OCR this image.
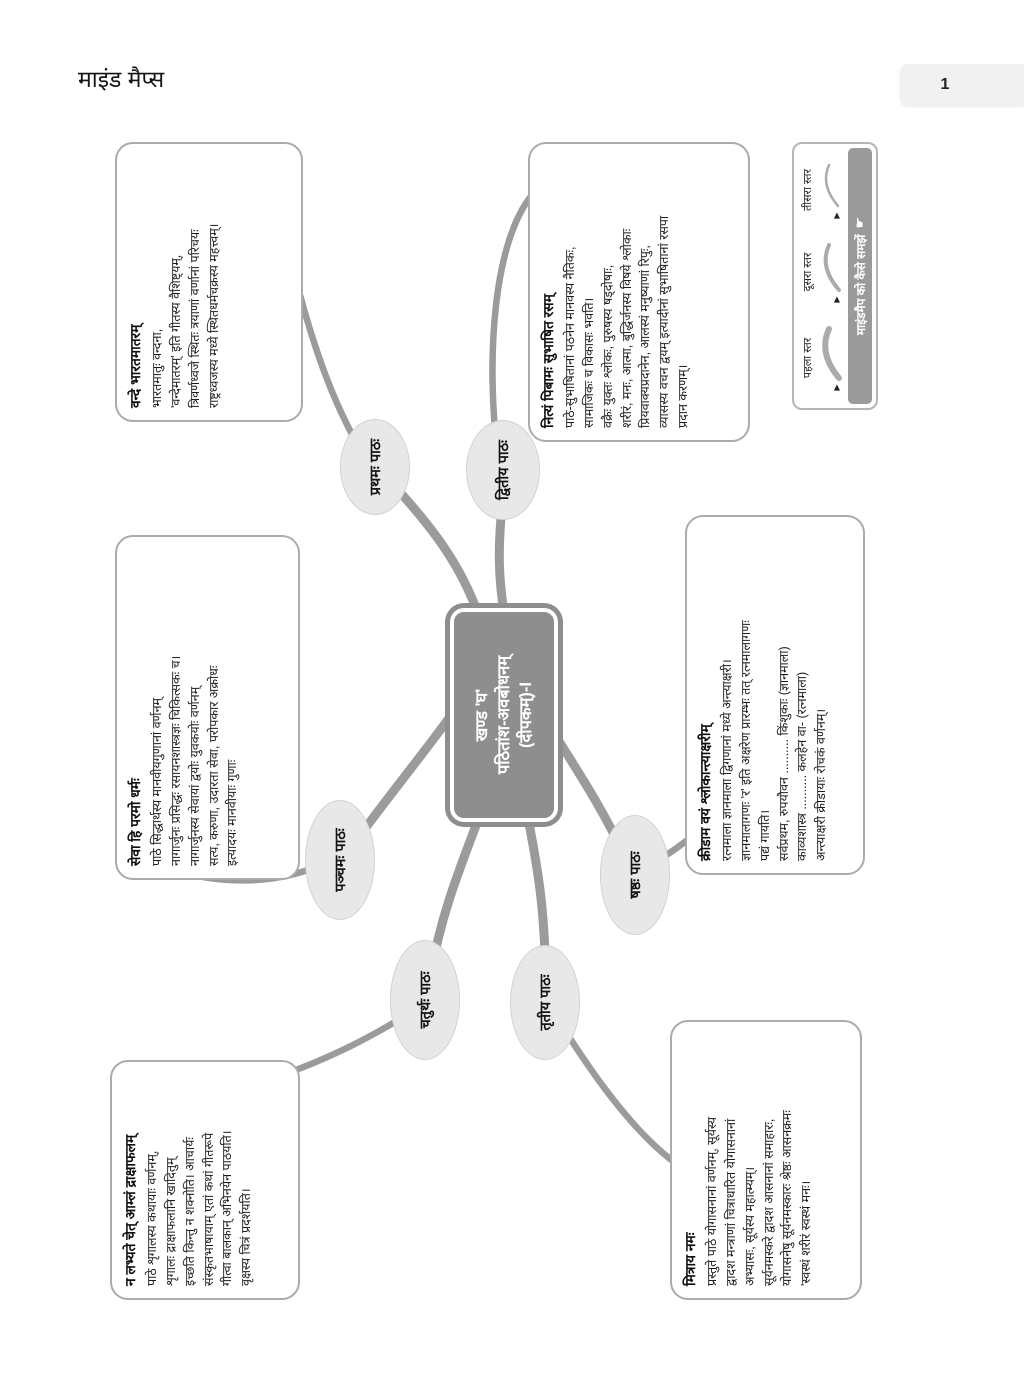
माइंड मैप्स	1
खण्ड 'घ' पठितांश-अवबोधनम् (दीपकम्)-I
प्रथमः पाठः	द्वितीय पाठः
तृतीय पाठः
चतुर्थः पाठः
पञ्चमः पाठः	षष्ठः पाठः
वन्दे भारतमातरम् भारतमातुः वन्दना, 'वन्देमातरम्' इति गीतस्य वैशिष्ट्यम्, त्रिवर्णध्वजे स्थितः त्रयाणां वर्णानां परिचयः राष्ट्रध्वजस्य मध्ये स्थितधर्मचक्रस्य महत्त्वम्।	नित्यं पिबामः सुभाषित रसम् पाठे-सुभाषितानां पठनेन मानवस्य नैतिकः, सामाजिकः च विकासः भवति। वक्रैः युक्तः श्लोकः, पुरुषस्य षड्दोषाः, शरीरं, मनः, आत्मा, बुद्धिर्जनस्य विषये श्लोकाः प्रियवाक्यप्रदानेन, आलस्यं मनुष्याणां रिपुः, व्यासस्य वचन द्वयम् इत्यादीनां सुभाषितानां रसपा प्रदान करणम्।
मित्राय नमः प्रस्तुते पाठे योगासनानां वर्णनम्, सूर्यस्य द्वादश मन्त्राणां चित्राधारित योगासनानां अभ्यासः, सूर्यस्य महात्म्यम्। सूर्यनमस्करे द्वादश आसनानां समाहारः, योगासनेषु सूर्यनमस्कारः श्रेष्ठः आसनक्रमः 'स्वस्थं शरीरं स्वस्थं मनः।
न लभ्यते चेत् आम्लं द्राक्षाफलम् पाठे शृगालस्य कथायाः वर्णनम्, शृगालः द्राक्षाफलानि खादितुम् इच्छति किन्तु न शक्नोति। आचार्यः संस्कृतभाषायाम् एतां कथां गीतरूपे गीत्वा बालकान् अभिनयेन पाठयति। वृक्षस्य चित्रं प्रदर्शयति।
सेवा हि परमो धर्मः पाठे सिद्धार्थस्य मानवीयगुणानां वर्णनम् नागार्जुनः प्रसिद्धः रसायनशास्त्रज्ञः चिकित्सकः च। नागार्जुनस्य सेवायां द्वयोः युवकयोः वर्णनम् सत्य, करुणा, उदारता सेवा, परोपकार अक्रोधः इत्यादयः मानवीयाः गुणाः	क्रीडाम वयं श्लोकान्त्याक्षरीम् रत्नमाला ज्ञानमाला द्विगणानां मध्ये अन्त्याक्षरी। ज्ञानमालागणः 'र' इति अक्षरेण प्रारम्भः तत् रत्नमालागणः पद्यं गायति। सर्वप्रथम, रुपयौवन .......... किंशुकाः (ज्ञानमाला) काव्यशास्त्र .......... कलहेन वा- (रत्नमाला) अन्त्याक्षरी क्रीडायाः रोचकं वर्णनम्।
पहला स्तर
▶
दूसरा स्तर
▶
तीसरा स्तर
▶
माइंडमैप को कैसे समझें
☛
